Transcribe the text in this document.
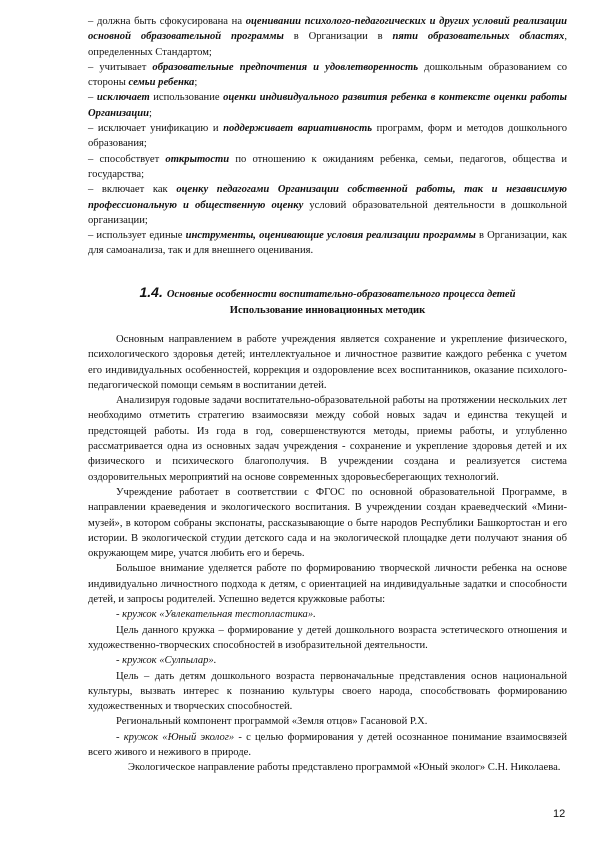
– должна быть сфокусирована на оценивании психолого-педагогических и других условий реализации основной образовательной программы в Организации в пяти образовательных областях, определенных Стандартом;

– учитывает образовательные предпочтения и удовлетворенность дошкольным образованием со стороны семьи ребенка;

– исключает использование оценки индивидуального развития ребенка в контексте оценки работы Организации;

– исключает унификацию и поддерживает вариативность программ, форм и методов дошкольного образования;

– способствует открытости по отношению к ожиданиям ребенка, семьи, педагогов, общества и государства;

– включает как оценку педагогами Организации собственной работы, так и независимую профессиональную и общественную оценку условий образовательной деятельности в дошкольной организации;

– использует единые инструменты, оценивающие условия реализации программы в Организации, как для самоанализа, так и для внешнего оценивания.

1.4. Основные особенности воспитательно-образовательного процесса детей

Использование инновационных методик

Основным направлением в работе учреждения является сохранение и укрепление физического, психологического здоровья детей; интеллектуальное и личностное развитие каждого ребенка с учетом его индивидуальных особенностей, коррекция и оздоровление всех воспитанников, оказание психолого-педагогической помощи семьям в воспитании детей.

Анализируя годовые задачи воспитательно-образовательной работы на протяжении нескольких лет необходимо отметить стратегию взаимосвязи между собой новых задач и единства текущей и предстоящей работы. Из года в год, совершенствуются методы, приемы работы, и углубленно рассматривается одна из основных задач учреждения - сохранение и укрепление здоровья детей и их физического и психического благополучия. В учреждении создана и реализуется система оздоровительных мероприятий на основе современных здоровьесберегающих технологий.

Учреждение работает в соответствии с ФГОС по основной образовательной Программе, в направлении краеведения и экологического воспитания. В учреждении создан краеведческий «Мини-музей», в котором собраны экспонаты, рассказывающие о быте народов Республики Башкортостан и его истории. В экологической студии детского сада и на экологической площадке дети получают знания об окружающем мире, учатся любить его и беречь.

Большое внимание уделяется работе по формированию творческой личности ребенка на основе индивидуально личностного подхода к детям, с ориентацией на индивидуальные задатки и способности детей, и запросы родителей. Успешно ведется кружковые работы:

- кружок «Увлекательная тестопластика».

Цель данного кружка – формирование у детей дошкольного возраста эстетического отношения и художественно-творческих способностей в изобразительной деятельности.

- кружок «Сулпылар».

Цель – дать детям дошкольного возраста первоначальные представления основ национальной культуры, вызвать интерес к познанию культуры своего народа, способствовать формированию художественных и творческих способностей.

Региональный компонент программой «Земля отцов» Гасановой Р.Х.

- кружок «Юный эколог» - с целью формирования у детей осознанное понимание взаимосвязей всего живого и неживого в природе.

Экологическое направление работы представлено программой «Юный эколог» С.Н. Николаева.

12
